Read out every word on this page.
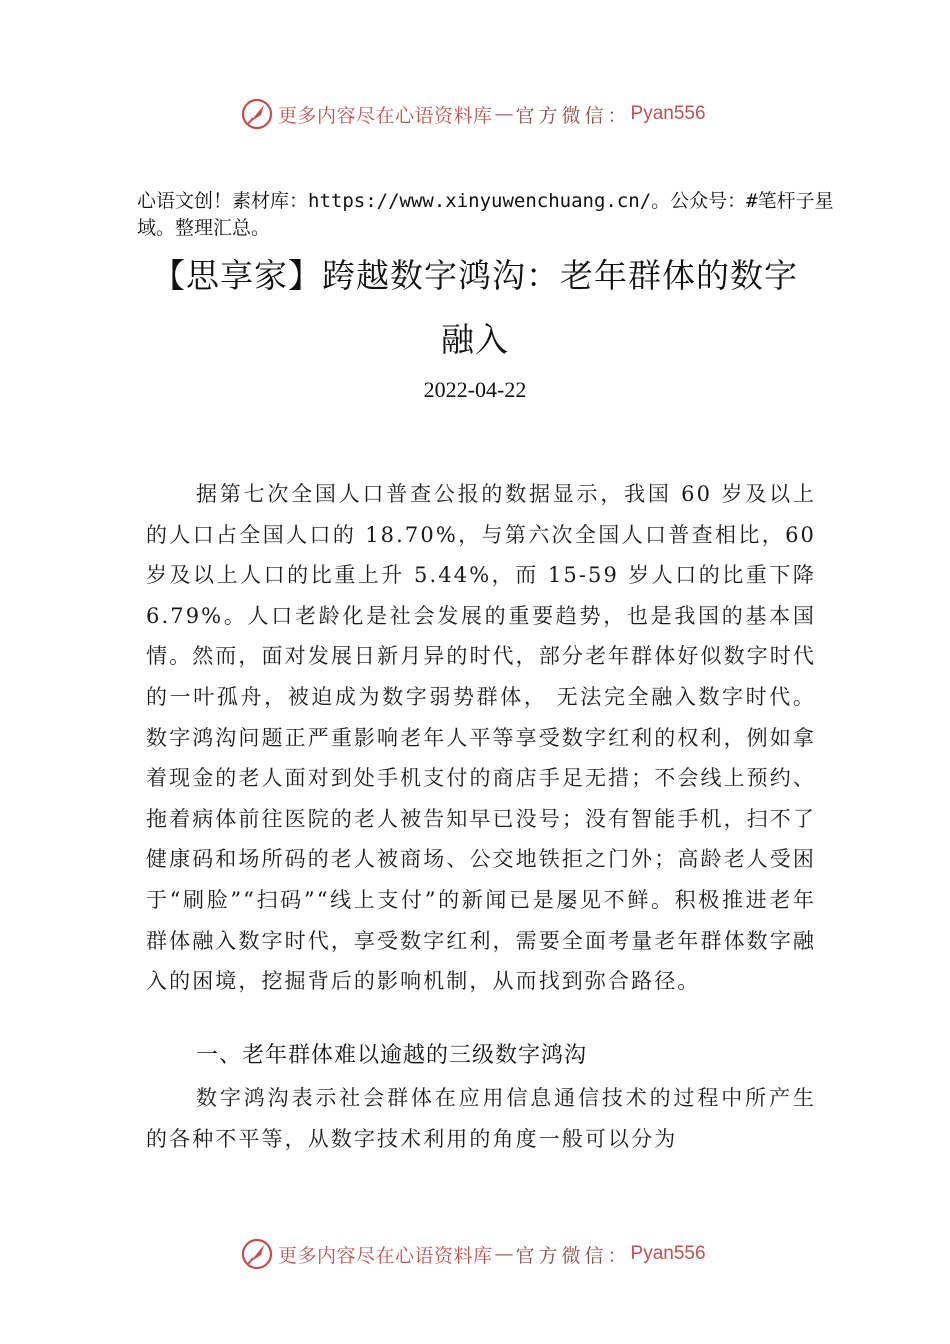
更多内容尽在心语资料库 — 官方微信： Pyan556
心语文创！素材库：https://www.xinyuwenchuang.cn/。公众号：#笔杆子星域。整理汇总。
【思享家】跨越数字鸿沟：老年群体的数字融入
2022-04-22
据第七次全国人口普查公报的数据显示，我国 60 岁及以上的人口占全国人口的 18.70%，与第六次全国人口普查相比，60 岁及以上人口的比重上升 5.44%，而 15-59 岁人口的比重下降 6.79%。人口老龄化是社会发展的重要趋势，也是我国的基本国情。然而，面对发展日新月异的时代，部分老年群体好似数字时代的一叶孤舟，被迫成为数字弱势群体， 无法完全融入数字时代。数字鸿沟问题正严重影响老年人平等享受数字红利的权利，例如拿着现金的老人面对到处手机支付的商店手足无措；不会线上预约、拖着病体前往医院的老人被告知早已没号；没有智能手机，扫不了健康码和场所码的老人被商场、公交地铁拒之门外；高龄老人受困于“刷脸”“扫码”“线上支付”的新闻已是屡见不鲜。积极推进老年群体融入数字时代，享受数字红利，需要全面考量老年群体数字融入的困境，挖掘背后的影响机制，从而找到弥合路径。
一、老年群体难以逾越的三级数字鸿沟
数字鸿沟表示社会群体在应用信息通信技术的过程中所产生的各种不平等，从数字技术利用的角度一般可以分为
更多内容尽在心语资料库 — 官方微信： Pyan556
